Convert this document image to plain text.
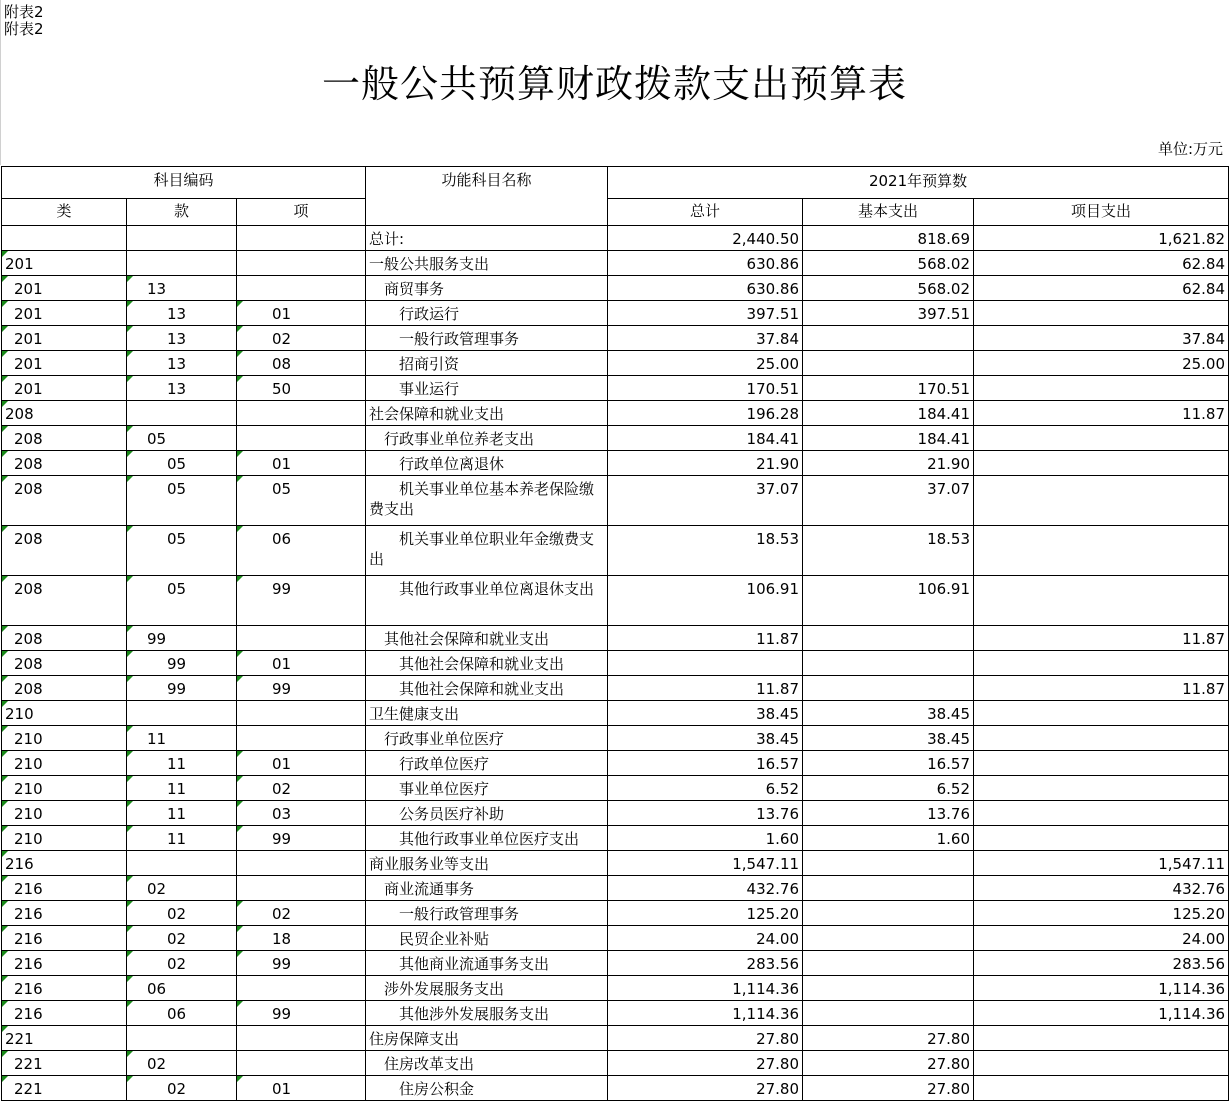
附表2
附表2
一般公共预算财政拨款支出预算表
单位:万元
科目编码			功能科目名称	2021年预算数		
类	款	项		总计	基本支出	项目支出
			总计:	2,440.50	818.69	1,621.82

201			一般公共服务支出	630.86	568.02	62.84

201	13		商贸事务	630.86	568.02	62.84

201	13	01	行政运行	397.51	397.51	

201	13	02	一般行政管理事务	37.84		37.84

201	13	08	招商引资	25.00		25.00

201	13	50	事业运行	170.51	170.51	

208			社会保障和就业支出	196.28	184.41	11.87

208	05		行政事业单位养老支出	184.41	184.41	

208	05	01	行政单位离退休	21.90	21.90	

208	05	05	机关事业单位基本养老保险缴费支出	37.07	37.07	

208	05	06	机关事业单位职业年金缴费支出	18.53	18.53	

208	05	99	其他行政事业单位离退休支出	106.91	106.91	

208	99		其他社会保障和就业支出	11.87		11.87

208	99	01	其他社会保障和就业支出			

208	99	99	其他社会保障和就业支出	11.87		11.87

210			卫生健康支出	38.45	38.45	

210	11		行政事业单位医疗	38.45	38.45	

210	11	01	行政单位医疗	16.57	16.57	

210	11	02	事业单位医疗	6.52	6.52	

210	11	03	公务员医疗补助	13.76	13.76	

210	11	99	其他行政事业单位医疗支出	1.60	1.60	

216			商业服务业等支出	1,547.11		1,547.11

216	02		商业流通事务	432.76		432.76

216	02	02	一般行政管理事务	125.20		125.20

216	02	18	民贸企业补贴	24.00		24.00

216	02	99	其他商业流通事务支出	283.56		283.56

216	06		涉外发展服务支出	1,114.36		1,114.36

216	06	99	其他涉外发展服务支出	1,114.36		1,114.36

221			住房保障支出	27.80	27.80	

221	02		住房改革支出	27.80	27.80	

221	02	01	住房公积金	27.80	27.80	
